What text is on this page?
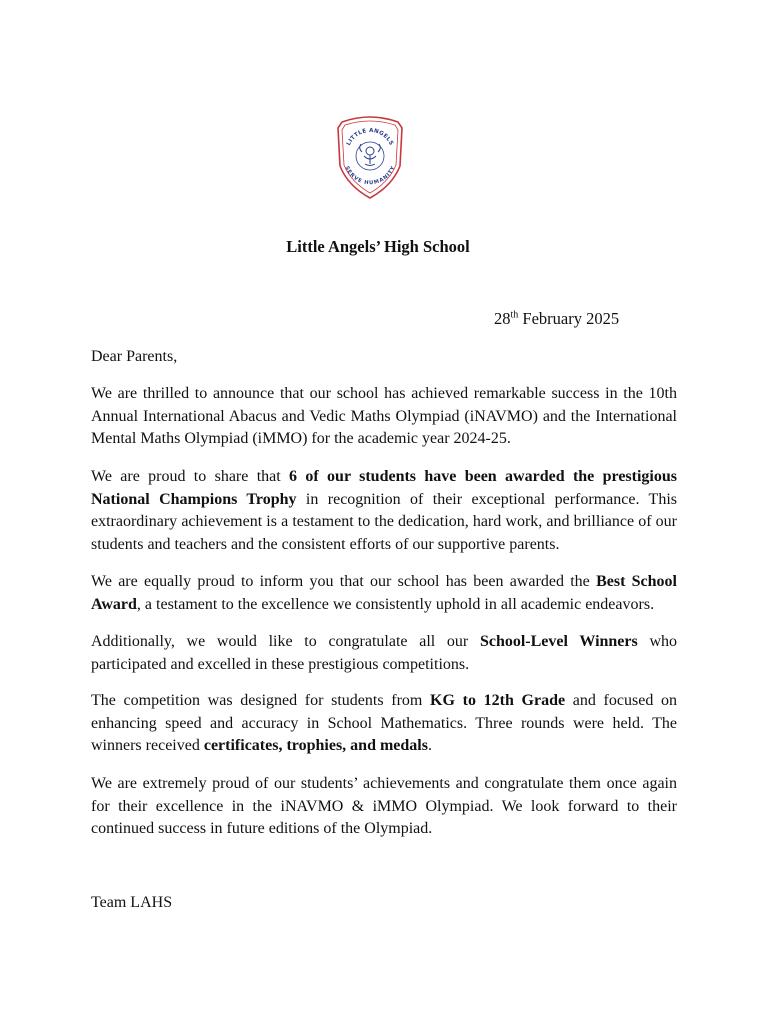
LITTLE ANGELS
SERVE HUMANITY
Little Angels’ High School
28th February 2025
Dear Parents,

We are thrilled to announce that our school has achieved remarkable success in the 10th Annual International Abacus and Vedic Maths Olympiad (iNAVMO) and the International Mental Maths Olympiad (iMMO) for the academic year 2024-25.

We are proud to share that 6 of our students have been awarded the prestigious National Champions Trophy in recognition of their exceptional performance. This extraordinary achievement is a testament to the dedication, hard work, and brilliance of our students and teachers and the consistent efforts of our supportive parents.

We are equally proud to inform you that our school has been awarded the Best School Award, a testament to the excellence we consistently uphold in all academic endeavors.

Additionally, we would like to congratulate all our School-Level Winners who participated and excelled in these prestigious competitions.

The competition was designed for students from KG to 12th Grade and focused on enhancing speed and accuracy in School Mathematics. Three rounds were held. The winners received certificates, trophies, and medals.

We are extremely proud of our students’ achievements and congratulate them once again for their excellence in the iNAVMO & iMMO Olympiad. We look forward to their continued success in future editions of the Olympiad.

Team LAHS
